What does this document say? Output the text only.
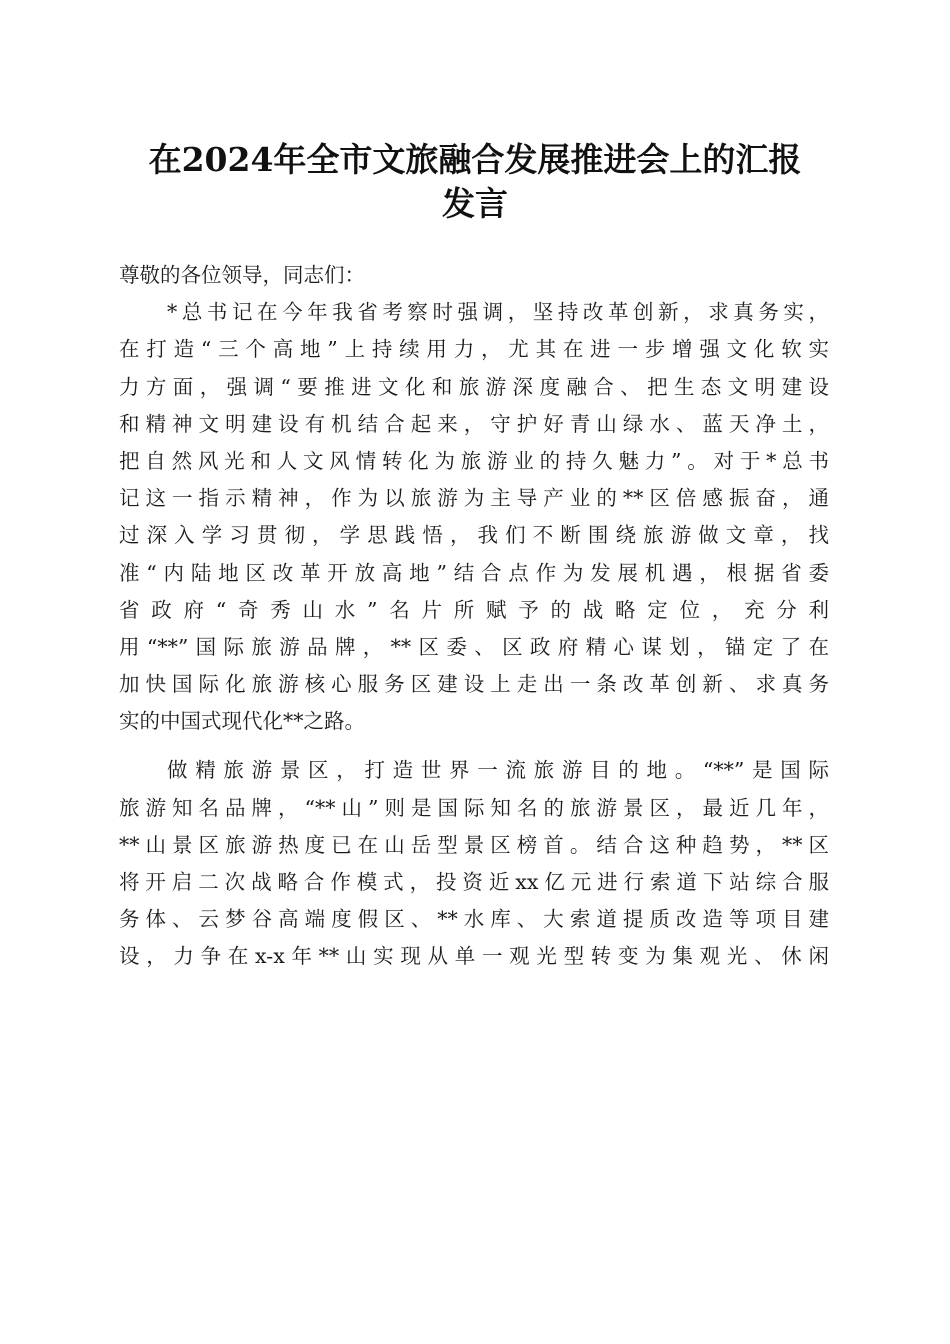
在2024年全市文旅融合发展推进会上的汇报
发言
尊敬的各位领导，同志们：
*总书记在今年我省考察时强调，坚持改革创新，求真务实，
在打造“三个高地”上持续用力，尤其在进一步增强文化软实
力方面，强调“要推进文化和旅游深度融合、把生态文明建设
和精神文明建设有机结合起来，守护好青山绿水、蓝天净土，
把自然风光和人文风情转化为旅游业的持久魅力”。对于*总书
记这一指示精神，作为以旅游为主导产业的**区倍感振奋，通
过深入学习贯彻，学思践悟，我们不断围绕旅游做文章，找
准“内陆地区改革开放高地”结合点作为发展机遇，根据省委
省政府“奇秀山水”名片所赋予的战略定位，充分利
用“**”国际旅游品牌，**区委、区政府精心谋划，锚定了在
加快国际化旅游核心服务区建设上走出一条改革创新、求真务
实的中国式现代化**之路。
做精旅游景区，打造世界一流旅游目的地。“**”是国际
旅游知名品牌，“**山”则是国际知名的旅游景区，最近几年，
**山景区旅游热度已在山岳型景区榜首。结合这种趋势，**区
将开启二次战略合作模式，投资近xx亿元进行索道下站综合服
务体、云梦谷高端度假区、**水库、大索道提质改造等项目建
设，力争在x-x年**山实现从单一观光型转变为集观光、休闲
